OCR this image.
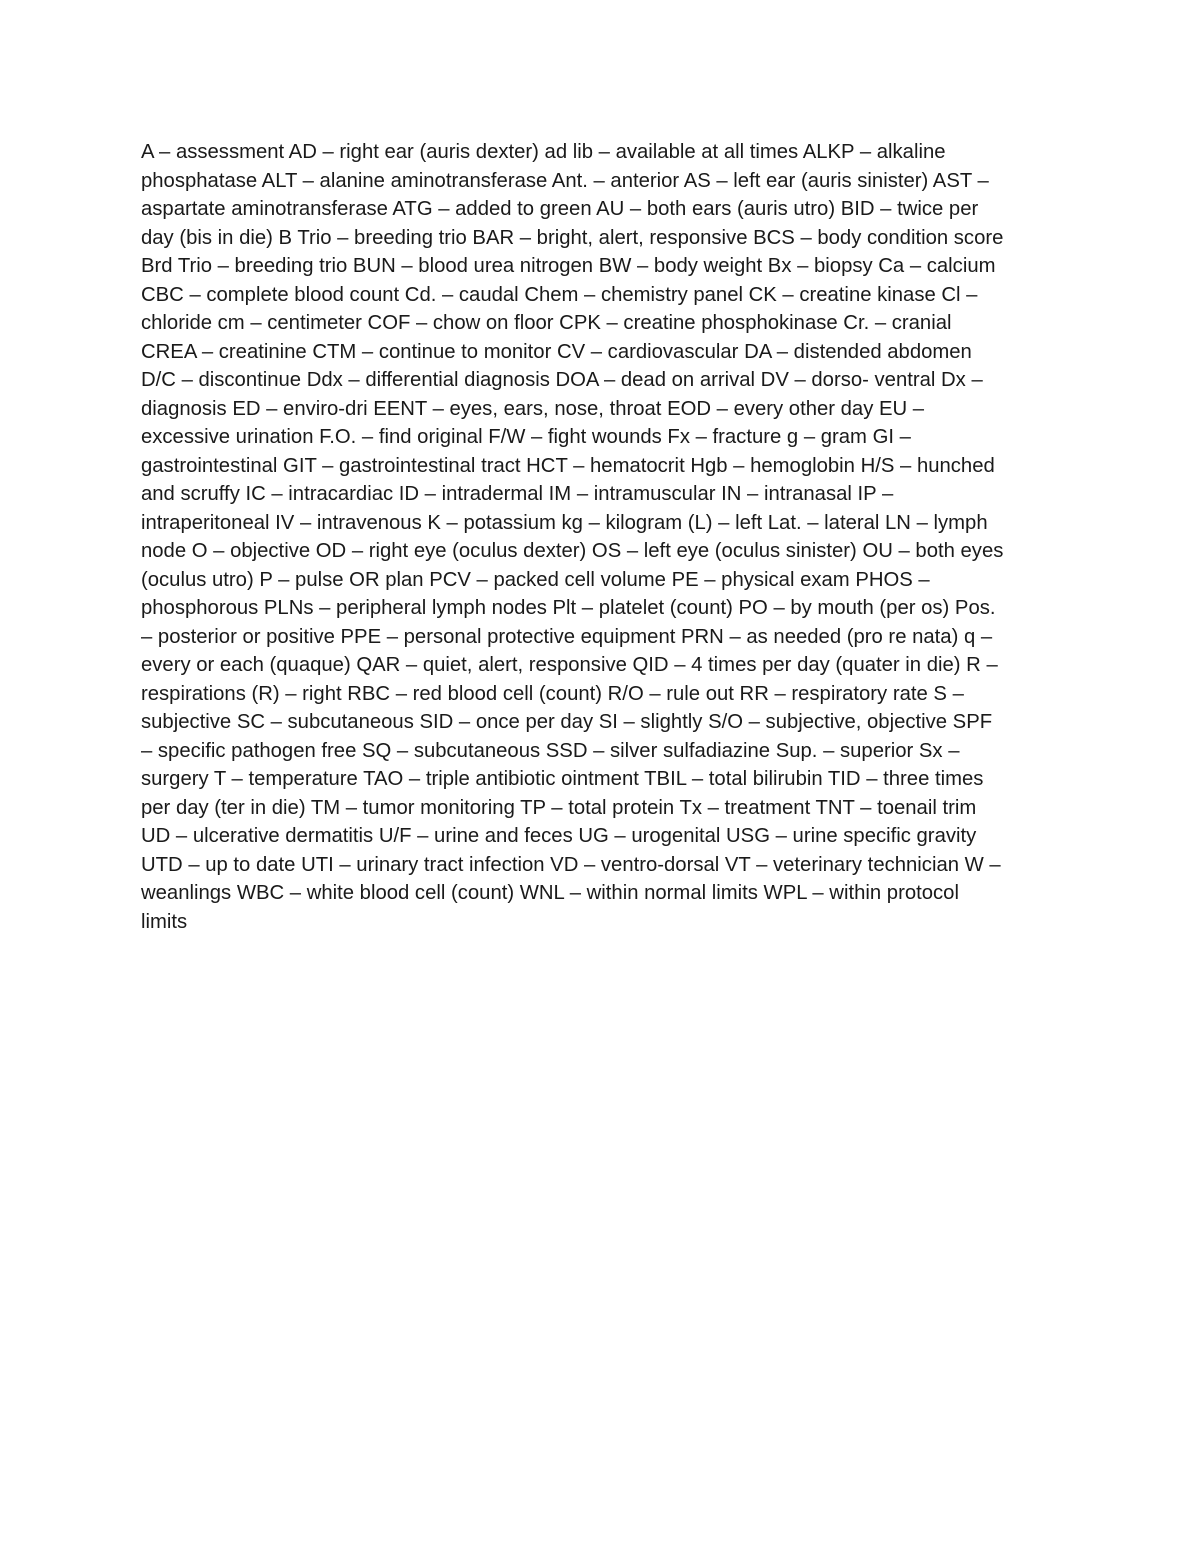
A – assessment AD – right ear (auris dexter) ad lib – available at all times ALKP – alkaline
phosphatase ALT – alanine aminotransferase Ant. – anterior AS – left ear (auris sinister) AST –
aspartate aminotransferase ATG – added to green AU – both ears (auris utro) BID – twice per
day (bis in die) B Trio – breeding trio BAR – bright, alert, responsive BCS – body condition score
Brd Trio – breeding trio BUN – blood urea nitrogen BW – body weight Bx – biopsy Ca – calcium
CBC – complete blood count Cd. – caudal Chem – chemistry panel CK – creatine kinase Cl –
chloride cm – centimeter COF – chow on floor CPK – creatine phosphokinase Cr. – cranial
CREA – creatinine CTM – continue to monitor CV – cardiovascular DA – distended abdomen
D/C – discontinue Ddx – differential diagnosis DOA – dead on arrival DV – dorso- ventral Dx –
diagnosis ED – enviro-dri EENT – eyes, ears, nose, throat EOD – every other day EU –
excessive urination F.O. – find original F/W – fight wounds Fx – fracture g – gram GI –
gastrointestinal GIT – gastrointestinal tract HCT – hematocrit Hgb – hemoglobin H/S – hunched
and scruffy IC – intracardiac ID – intradermal IM – intramuscular IN – intranasal IP –
intraperitoneal IV – intravenous K – potassium kg – kilogram (L) – left Lat. – lateral LN – lymph
node O – objective OD – right eye (oculus dexter) OS – left eye (oculus sinister) OU – both eyes
(oculus utro) P – pulse OR plan PCV – packed cell volume PE – physical exam PHOS –
phosphorous PLNs – peripheral lymph nodes Plt – platelet (count) PO – by mouth (per os) Pos.
– posterior or positive PPE – personal protective equipment PRN – as needed (pro re nata) q –
every or each (quaque) QAR – quiet, alert, responsive QID – 4 times per day (quater in die) R –
respirations (R) – right RBC – red blood cell (count) R/O – rule out RR – respiratory rate S –
subjective SC – subcutaneous SID – once per day SI – slightly S/O – subjective, objective SPF
– specific pathogen free SQ – subcutaneous SSD – silver sulfadiazine Sup. – superior Sx –
surgery T – temperature TAO – triple antibiotic ointment TBIL – total bilirubin TID – three times
per day (ter in die) TM – tumor monitoring TP – total protein Tx – treatment TNT – toenail trim
UD – ulcerative dermatitis U/F – urine and feces UG – urogenital USG – urine specific gravity
UTD – up to date UTI – urinary tract infection VD – ventro-dorsal VT – veterinary technician W –
weanlings WBC – white blood cell (count) WNL – within normal limits WPL – within protocol
limits
